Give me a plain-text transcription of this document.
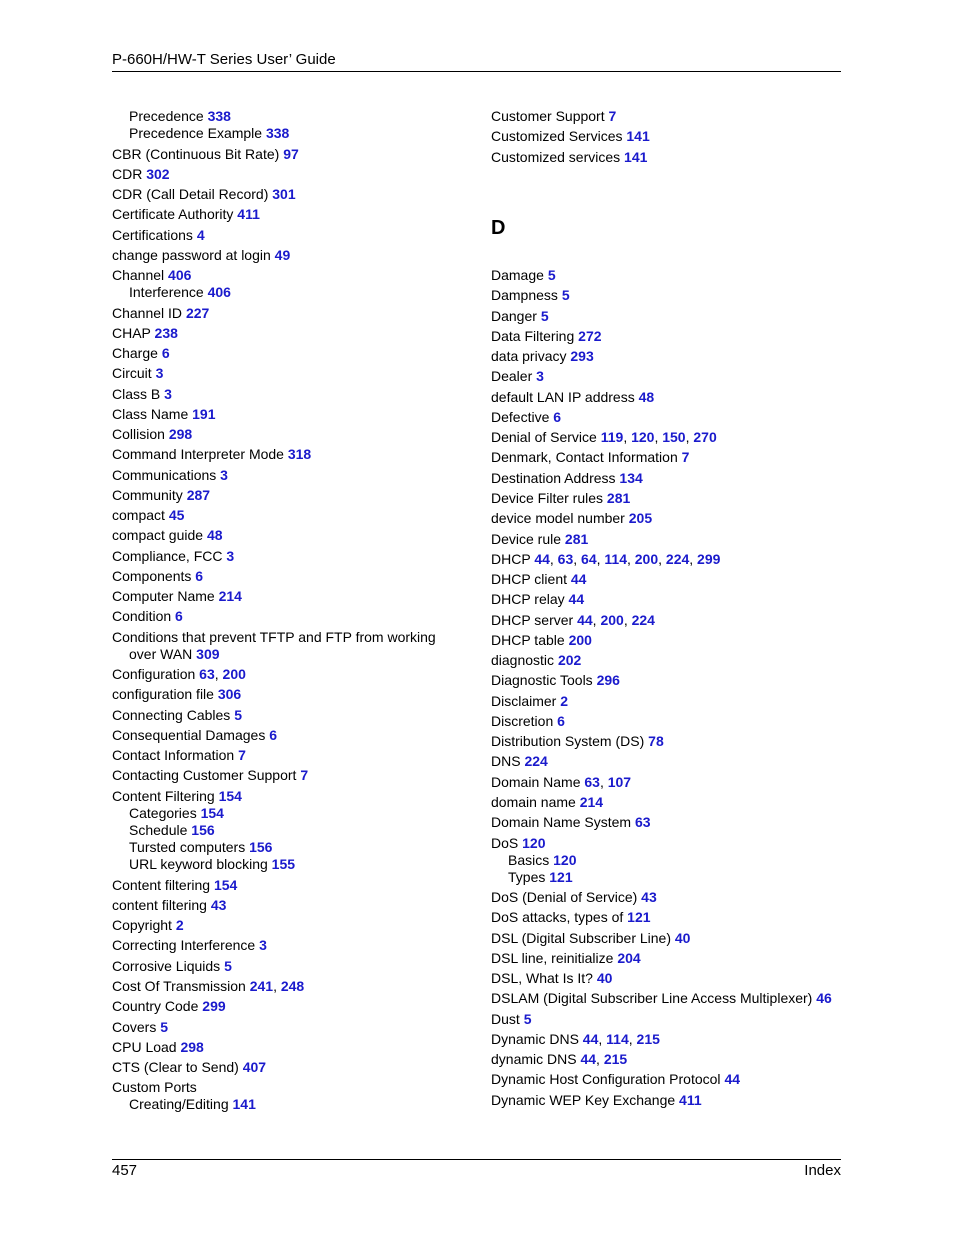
P-660H/HW-T Series User’ Guide
Precedence 338
Precedence Example 338
CBR (Continuous Bit Rate) 97
CDR 302
CDR (Call Detail Record) 301
Certificate Authority 411
Certifications 4
change password at login 49
Channel 406
Interference 406
Channel ID 227
CHAP 238
Charge 6
Circuit 3
Class B 3
Class Name 191
Collision 298
Command Interpreter Mode 318
Communications 3
Community 287
compact 45
compact guide 48
Compliance, FCC 3
Components 6
Computer Name 214
Condition 6
Conditions that prevent TFTP and FTP from working
over WAN 309
Configuration 63, 200
configuration file 306
Connecting Cables 5
Consequential Damages 6
Contact Information 7
Contacting Customer Support 7
Content Filtering 154
Categories 154
Schedule 156
Tursted computers 156
URL keyword blocking 155
Content filtering 154
content filtering 43
Copyright 2
Correcting Interference 3
Corrosive Liquids 5
Cost Of Transmission 241, 248
Country Code 299
Covers 5
CPU Load 298
CTS (Clear to Send) 407
Custom Ports
Creating/Editing 141
D
Customer Support 7
Customized Services 141
Customized services 141
Damage 5
Dampness 5
Danger 5
Data Filtering 272
data privacy 293
Dealer 3
default LAN IP address 48
Defective 6
Denial of Service 119, 120, 150, 270
Denmark, Contact Information 7
Destination Address 134
Device Filter rules 281
device model number 205
Device rule 281
DHCP 44, 63, 64, 114, 200, 224, 299
DHCP client 44
DHCP relay 44
DHCP server 44, 200, 224
DHCP table 200
diagnostic 202
Diagnostic Tools 296
Disclaimer 2
Discretion 6
Distribution System (DS) 78
DNS 224
Domain Name 63, 107
domain name 214
Domain Name System 63
DoS 120
Basics 120
Types 121
DoS (Denial of Service) 43
DoS attacks, types of 121
DSL (Digital Subscriber Line) 40
DSL line, reinitialize 204
DSL, What Is It? 40
DSLAM (Digital Subscriber Line Access Multiplexer) 46
Dust 5
Dynamic DNS 44, 114, 215
dynamic DNS 44, 215
Dynamic Host Configuration Protocol 44
Dynamic WEP Key Exchange 411
457	Index
